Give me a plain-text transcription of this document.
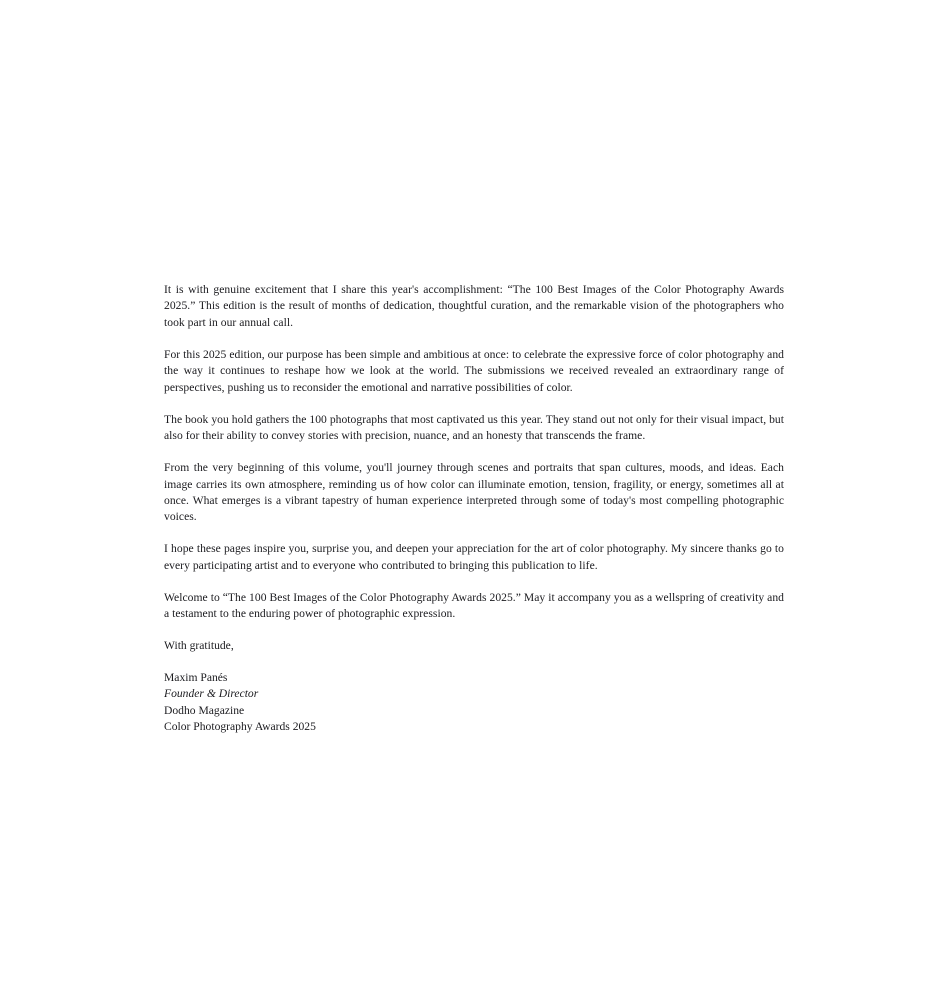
It is with genuine excitement that I share this year's accomplishment: “The 100 Best Images of the Color Photography Awards 2025.” This edition is the result of months of dedication, thoughtful curation, and the remarkable vision of the photographers who took part in our annual call.

For this 2025 edition, our purpose has been simple and ambitious at once: to celebrate the expressive force of color photography and the way it continues to reshape how we look at the world. The submissions we received revealed an extraordinary range of perspectives, pushing us to reconsider the emotional and narrative possibilities of color.

The book you hold gathers the 100 photographs that most captivated us this year. They stand out not only for their visual impact, but also for their ability to convey stories with precision, nuance, and an honesty that transcends the frame.

From the very beginning of this volume, you'll journey through scenes and portraits that span cultures, moods, and ideas. Each image carries its own atmosphere, reminding us of how color can illuminate emotion, tension, fragility, or energy, sometimes all at once. What emerges is a vibrant tapestry of human experience interpreted through some of today's most compelling photographic voices.

I hope these pages inspire you, surprise you, and deepen your appreciation for the art of color photography. My sincere thanks go to every participating artist and to everyone who contributed to bringing this publication to life.

Welcome to “The 100 Best Images of the Color Photography Awards 2025.” May it accompany you as a wellspring of creativity and a testament to the enduring power of photographic expression.

With gratitude,

Maxim Panés
Founder & Director
Dodho Magazine
Color Photography Awards 2025
